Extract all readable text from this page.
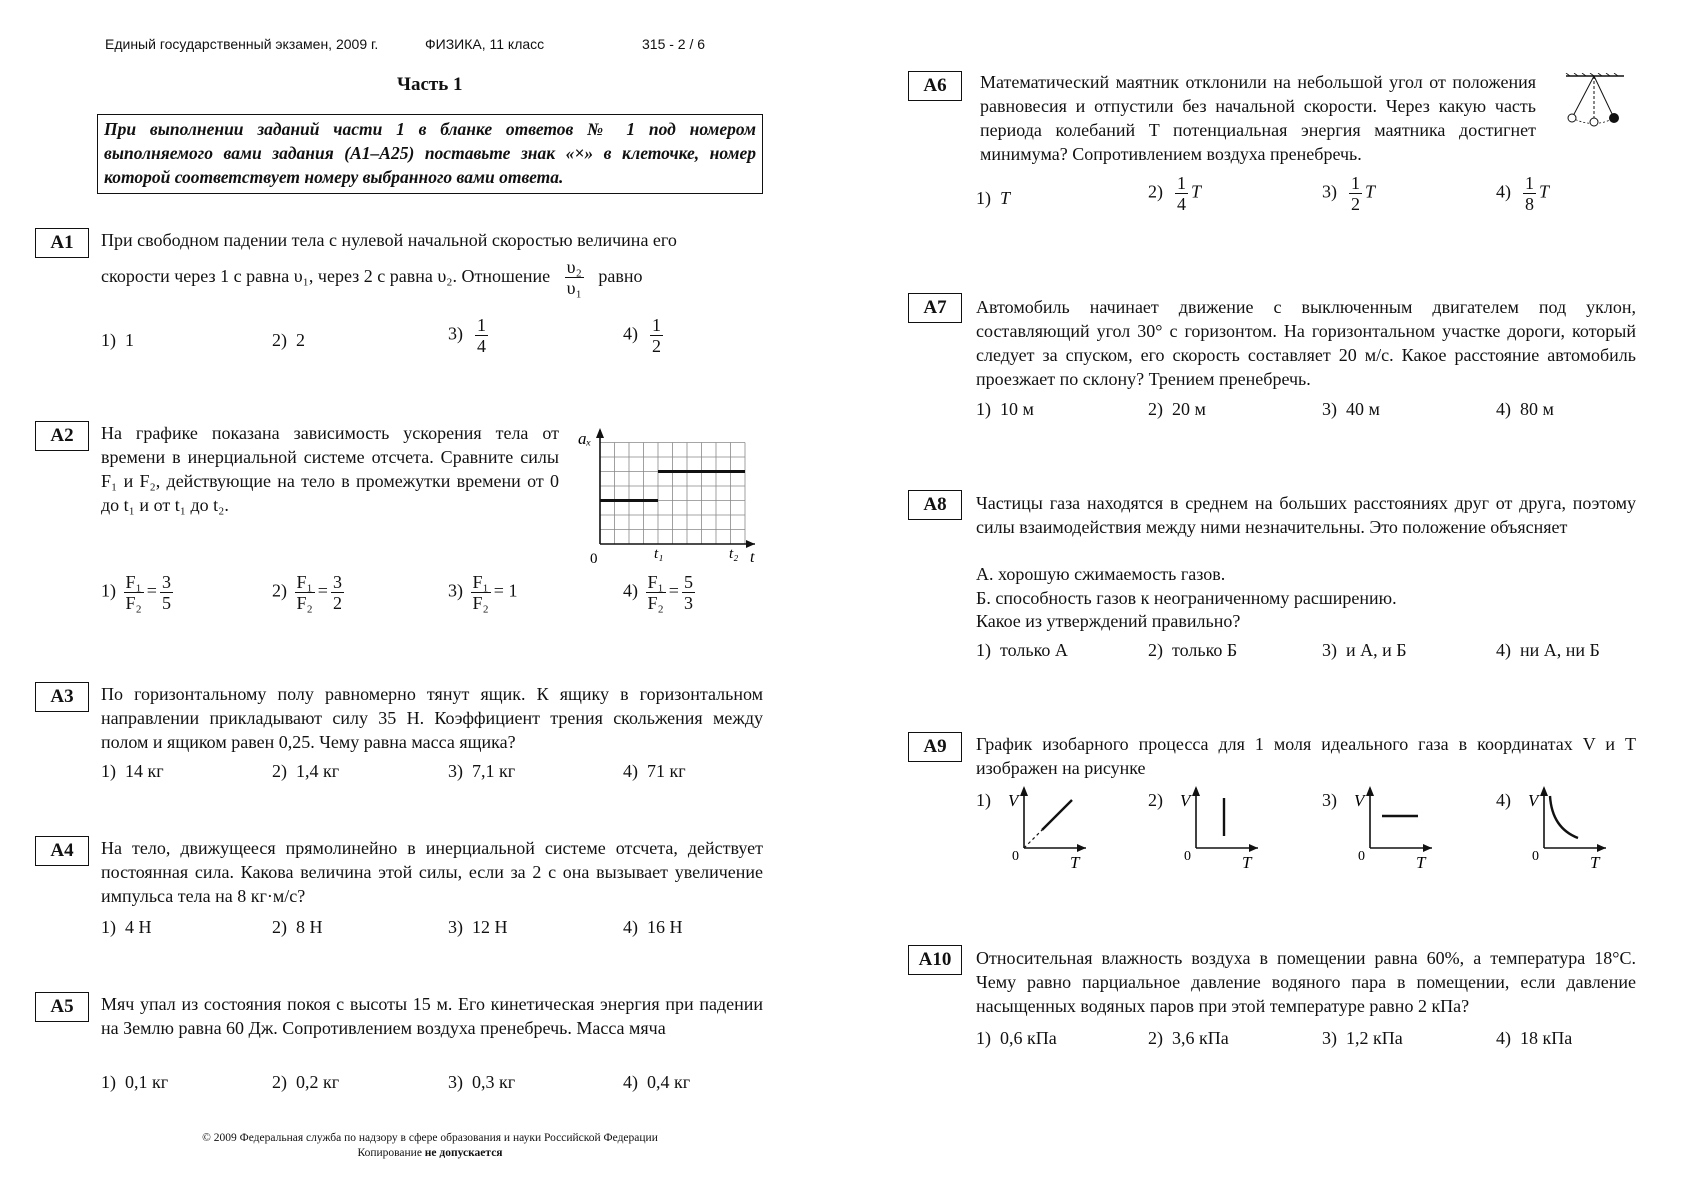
Единый государственный экзамен, 2009 г.	ФИЗИКА, 11 класс	315 - 2 / 6
Часть 1
При выполнении заданий части 1 в бланке ответов № 1 под номером выполняемого вами задания (А1–А25) поставьте знак «×» в клеточке, номер которой соответствует номеру выбранного вами ответа.
А1	При свободном падении тела с нулевой начальной скоростью величина его
скорости через 1 с равна υ₁, через 2 с равна υ₂. Отношение $\frac{\text{υ₂}}{\text{υ₁}}$ равно
1) 1	2) 2	$3) \frac{1}{4}$	$4) \frac{1}{2}$
А2	На графике показана зависимость ускорения тела от времени в инерциальной системе отсчета. Сравните силы F₁ и F₂, действующие на тело в промежутки времени от 0 до t₁ и от t₁ до t₂.
aₓ
0	t₁	t₂ t
$1) \frac{\text{F₁}}{\text{F₂}} = \frac{3}{5}$	$2) \frac{\text{F₁}}{\text{F₂}} = \frac{3}{2}$	$3) \frac{\text{F₁}}{\text{F₂}} = 1$	$4) \frac{\text{F₁}}{\text{F₂}} = \frac{5}{3}$
А3	По горизонтальному полу равномерно тянут ящик. К ящику в горизонтальном направлении прикладывают силу 35 Н. Коэффициент трения скольжения между полом и ящиком равен 0,25. Чему равна масса ящика?
1) 14 кг	2) 1,4 кг	3) 7,1 кг	4) 71 кг
А4	На тело, движущееся прямолинейно в инерциальной системе отсчета, действует постоянная сила. Какова величина этой силы, если за 2 с она вызывает увеличение импульса тела на 8 кг·м/с?
1) 4 Н	2) 8 Н	3) 12 Н	4) 16 Н
А5	Мяч упал из состояния покоя с высоты 15 м. Его кинетическая энергия при падении на Землю равна 60 Дж. Сопротивлением воздуха пренебречь. Масса мяча
1) 0,1 кг	2) 0,2 кг	3) 0,3 кг	4) 0,4 кг
© 2009 Федеральная служба по надзору в сфере образования и науки Российской Федерации
Копирование не допускается
А6	Математический маятник отклонили на небольшой угол от положения равновесия и отпустили без начальной скорости. Через какую часть периода колебаний T потенциальная энергия маятника достигнет минимума? Сопротивлением воздуха пренебречь.
1) T	$2) \frac{1}{4}$ T	$3) \frac{1}{2}$ T	$4) \frac{1}{8}$ T
А7	Автомобиль начинает движение с выключенным двигателем под уклон, составляющий угол 30° с горизонтом. На горизонтальном участке дороги, который следует за спуском, его скорость составляет 20 м/с. Какое расстояние автомобиль проезжает по склону? Трением пренебречь.
1) 10 м	2) 20 м	3) 40 м	4) 80 м
А8	Частицы газа находятся в среднем на больших расстояниях друг от друга, поэтому силы взаимодействия между ними незначительны. Это положение объясняет
А. хорошую сжимаемость газов.
Б. способность газов к неограниченному расширению.
Какое из утверждений правильно?
1) только А	2) только Б	3) и А, и Б	4) ни А, ни Б
А9	График изобарного процесса для 1 моля идеального газа в координатах V и T изображен на рисунке
1) V
0	T
2) V
0	T
3) V
0	T
4) V
0	T
А10	Относительная влажность воздуха в помещении равна 60%, а температура 18°С. Чему равно парциальное давление водяного пара в помещении, если давление насыщенных водяных паров при этой температуре равно 2 кПа?
1) 0,6 кПа	2) 3,6 кПа	3) 1,2 кПа	4) 18 кПа
